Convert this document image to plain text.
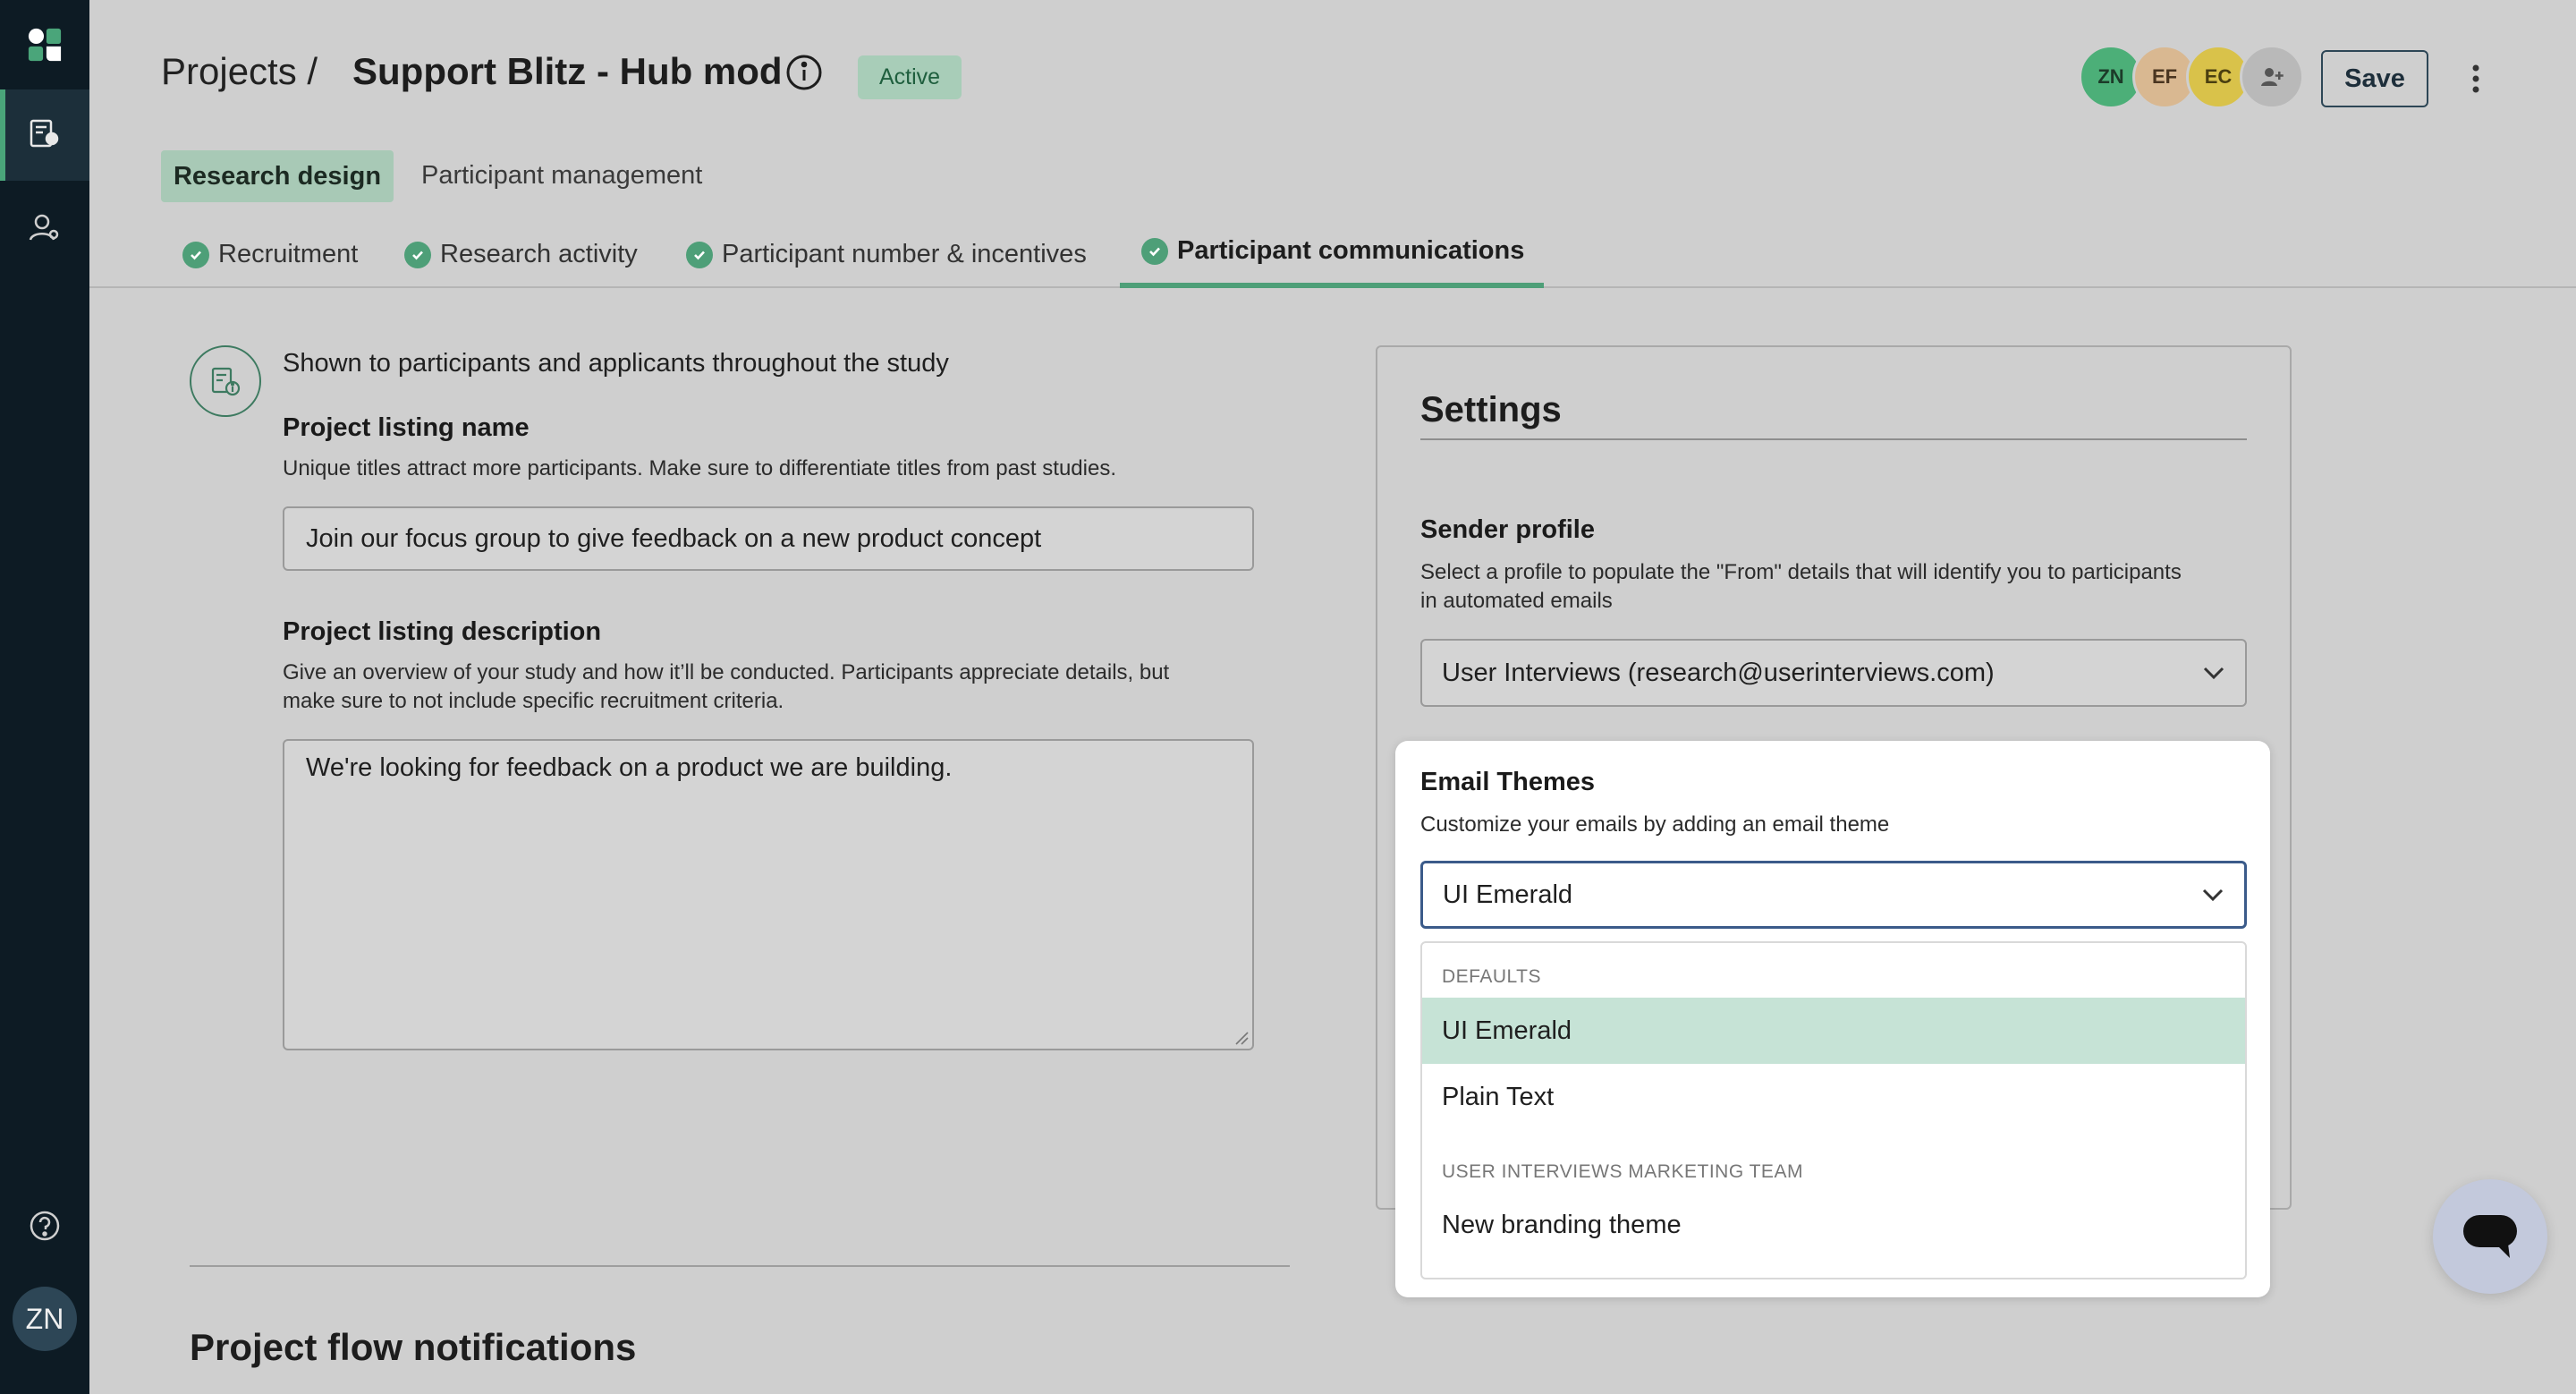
ZN
Projects / Support Blitz - Hub mod	Active	ZN	EF	EC	Save
Research design	Participant management
Recruitment	Research activity	Participant number & incentives	Participant communications
Shown to participants and applicants throughout the study
Project listing name
Unique titles attract more participants. Make sure to differentiate titles from past studies.
Join our focus group to give feedback on a new product concept
Project listing description
Give an overview of your study and how it’ll be conducted. Participants appreciate details, but
make sure to not include specific recruitment criteria.
We're looking for feedback on a product we are building.
Project flow notifications
Settings
Sender profile
Select a profile to populate the "From" details that will identify you to participants
in automated emails
User Interviews (research@userinterviews.com)
Email Themes
Customize your emails by adding an email theme
UI Emerald
DEFAULTS
UI Emerald
Plain Text
USER INTERVIEWS MARKETING TEAM
New branding theme
